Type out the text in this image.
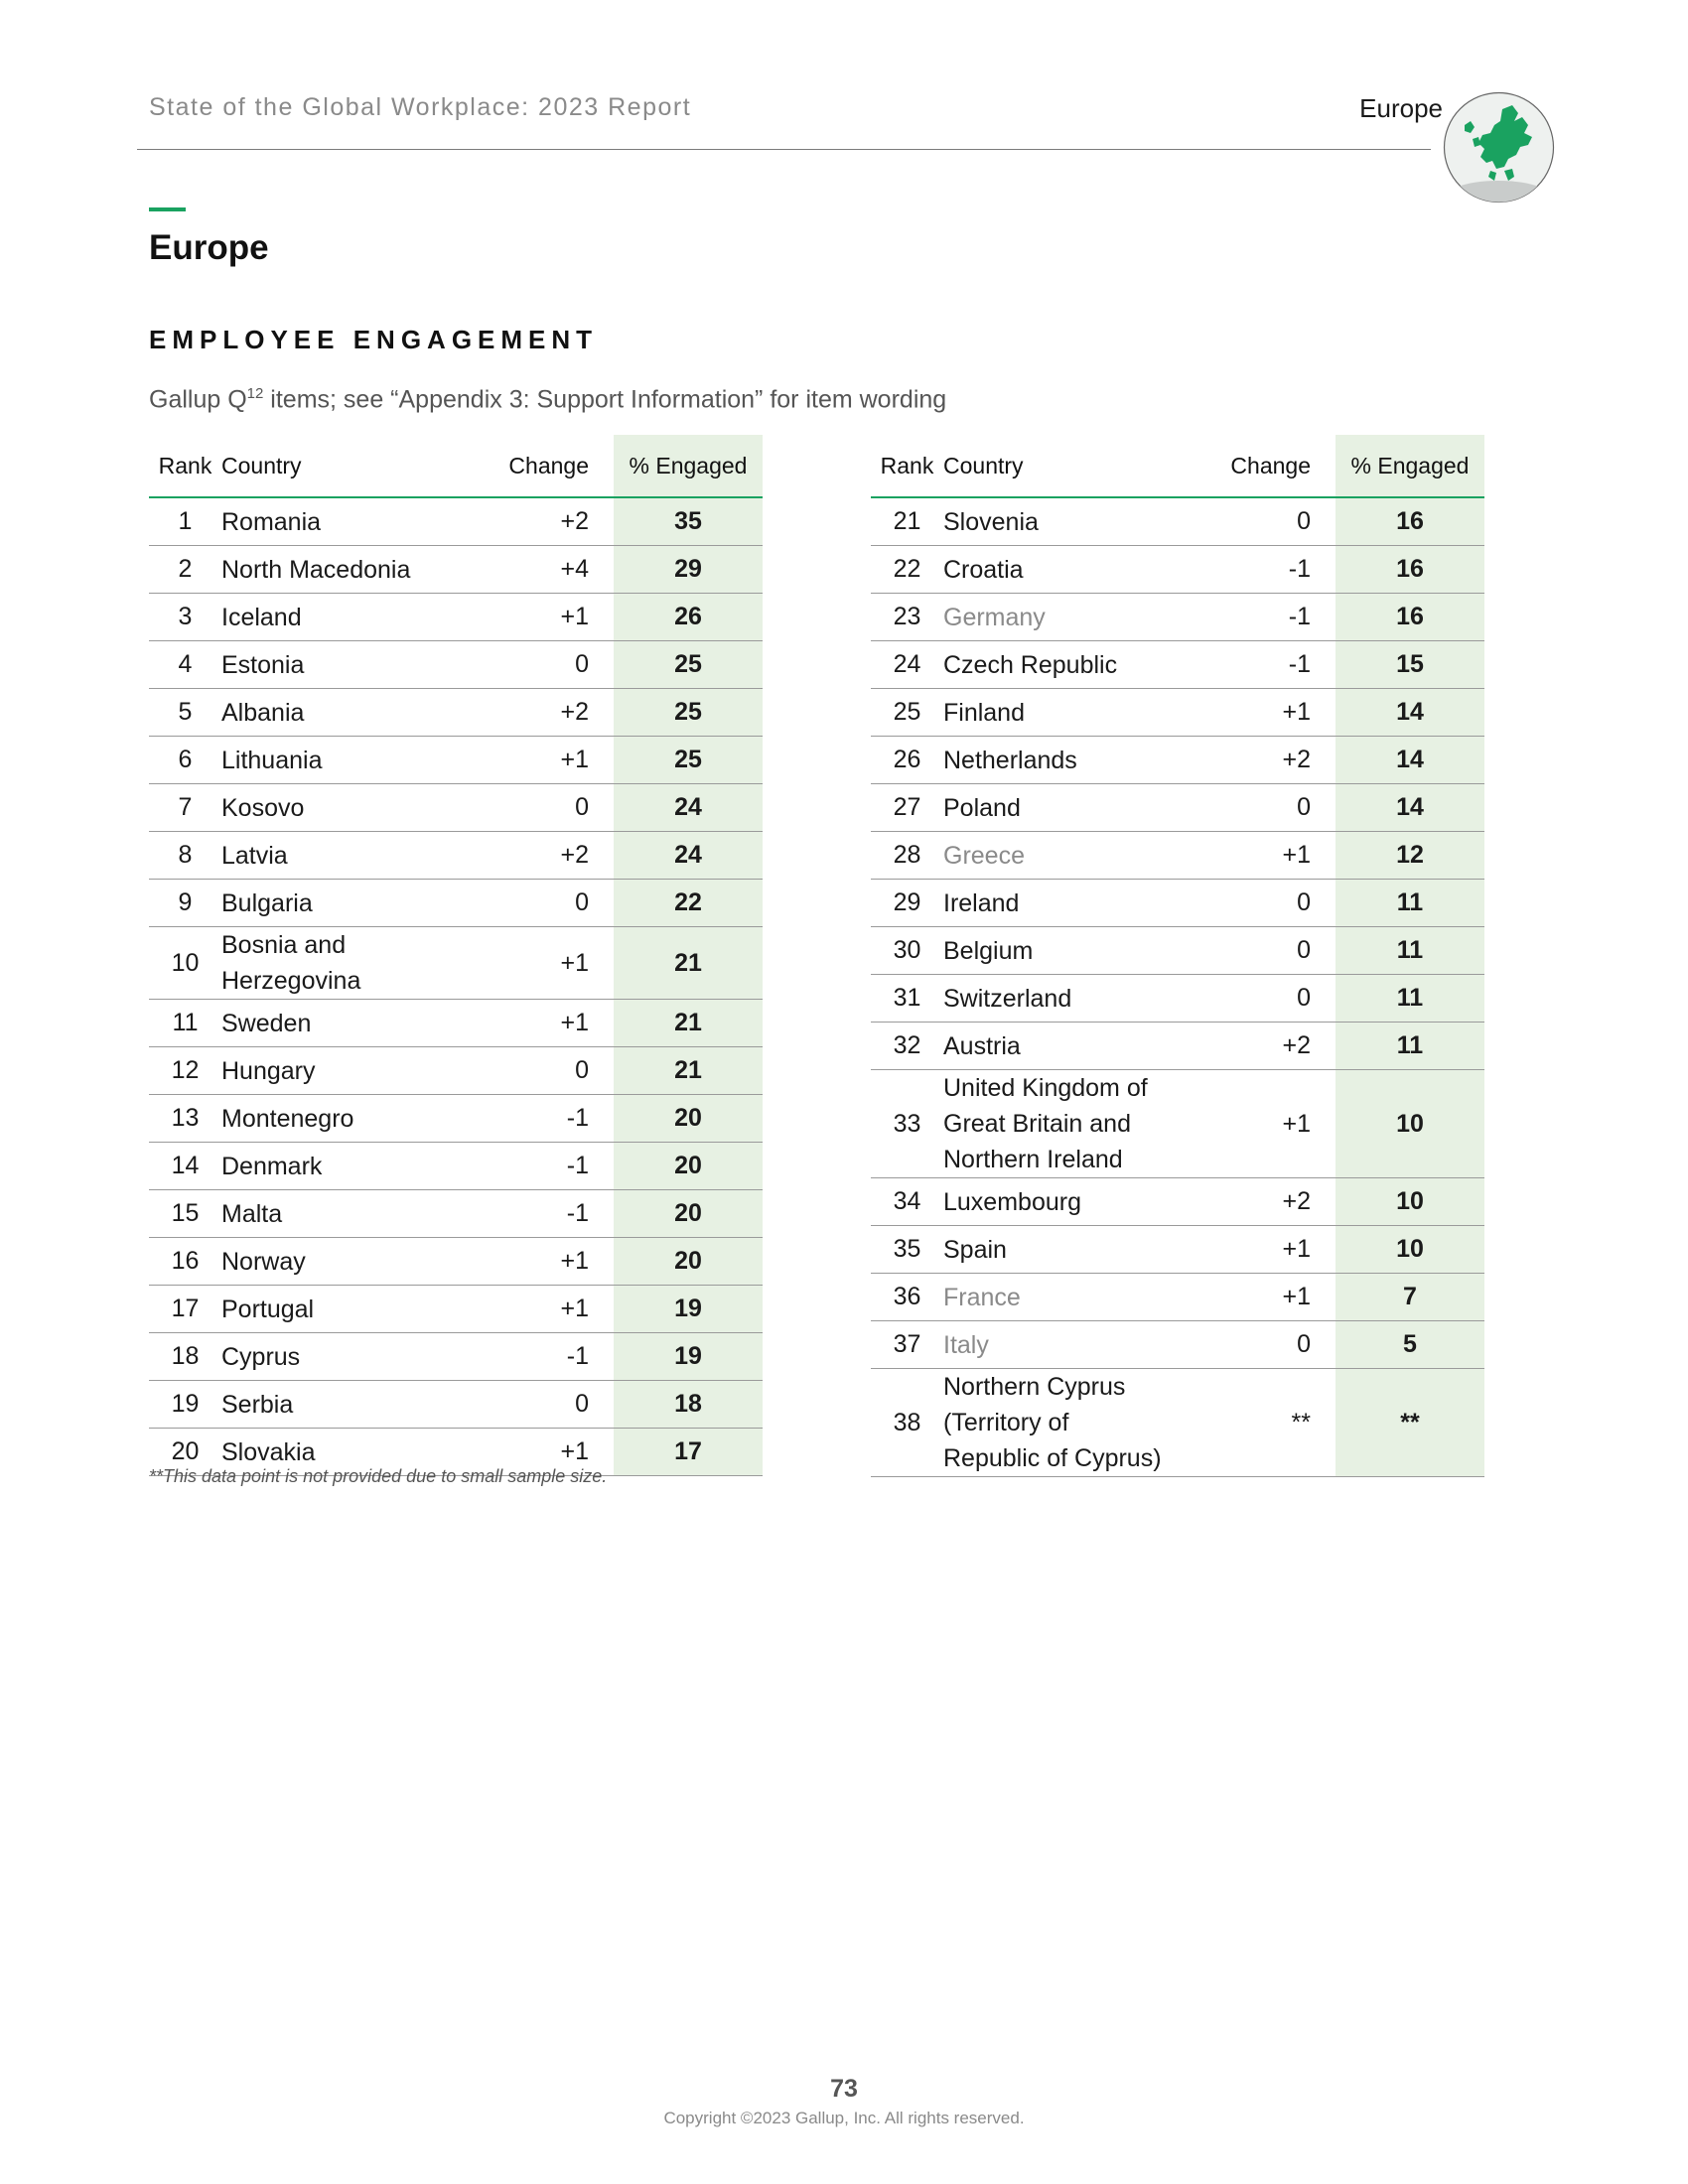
State of the Global Workplace: 2023 Report	Europe
Europe
EMPLOYEE ENGAGEMENT
Gallup $Q^{12}$ items; see “Appendix 3: Support Information” for item wording
Rank	Country	Change	% Engaged
1	Romania	+2	35
2	North Macedonia	+4	29
3	Iceland	+1	26
4	Estonia	0	25
5	Albania	+2	25
6	Lithuania	+1	25
7	Kosovo	0	24
8	Latvia	+2	24
9	Bulgaria	0	22
10	Bosnia and Herzegovina	+1	21
11	Sweden	+1	21
12	Hungary	0	21
13	Montenegro	-1	20
14	Denmark	-1	20
15	Malta	-1	20
16	Norway	+1	20
17	Portugal	+1	19
18	Cyprus	-1	19
19	Serbia	0	18
20	Slovakia	+1	17
Rank	Country	Change	% Engaged
21	Slovenia	0	16
22	Croatia	-1	16
23	Germany	-1	16
24	Czech Republic	-1	15
25	Finland	+1	14
26	Netherlands	+2	14
27	Poland	0	14
28	Greece	+1	12
29	Ireland	0	11
30	Belgium	0	11
31	Switzerland	0	11
32	Austria	+2	11
33	United Kingdom of Great Britain and Northern Ireland	+1	10
34	Luxembourg	+2	10
35	Spain	+1	10
36	France	+1	7
37	Italy	0	5
38	Northern Cyprus (Territory of Republic of Cyprus)	**	**
**This data point is not provided due to small sample size.
73
Copyright ©2023 Gallup, Inc. All rights reserved.
